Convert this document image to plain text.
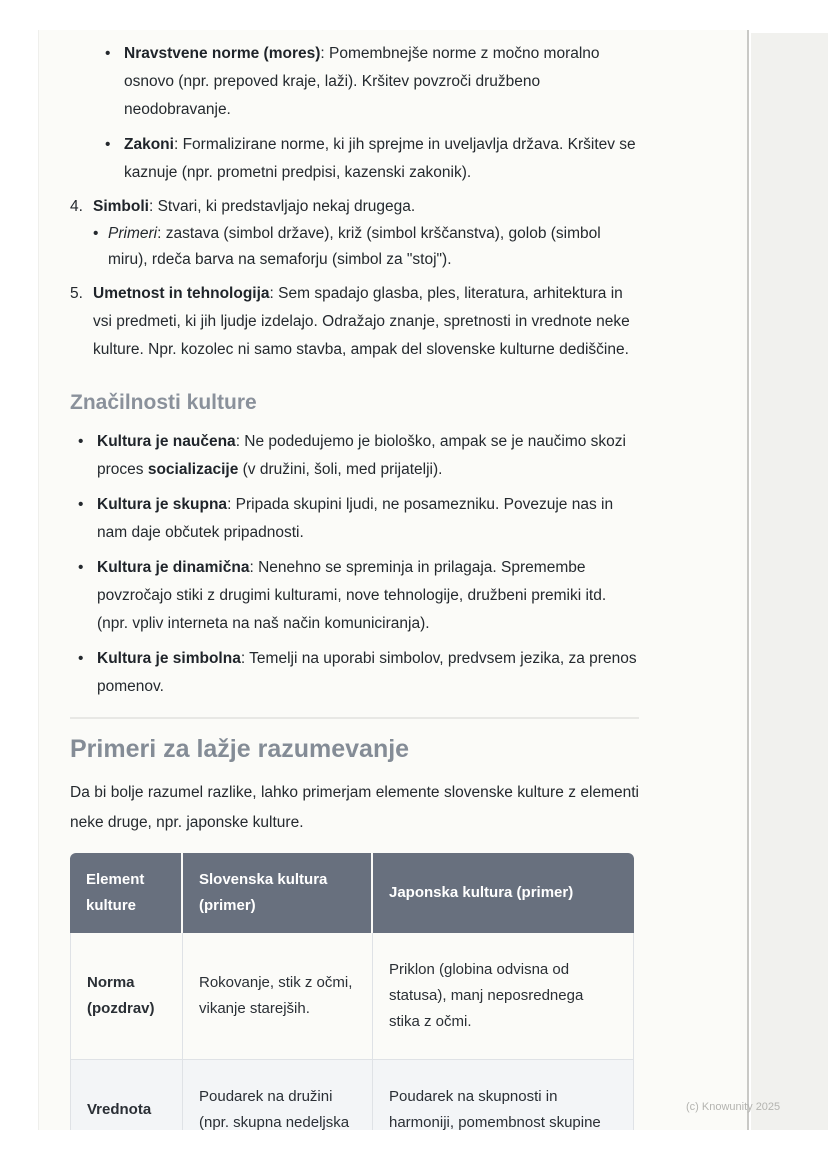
• Nravstvene norme (mores): Pomembnejše norme z močno moralno osnovo (npr. prepoved kraje, laži). Kršitev povzroči družbeno neodobravanje.
• Zakoni: Formalizirane norme, ki jih sprejme in uveljavlja država. Kršitev se kaznuje (npr. prometni predpisi, kazenski zakonik).
4. Simboli: Stvari, ki predstavljajo nekaj drugega.
• Primeri: zastava (simbol države), križ (simbol krščanstva), golob (simbol miru), rdeča barva na semaforju (simbol za "stoj").
5. Umetnost in tehnologija: Sem spadajo glasba, ples, literatura, arhitektura in vsi predmeti, ki jih ljudje izdelajo. Odražajo znanje, spretnosti in vrednote neke kulture. Npr. kozolec ni samo stavba, ampak del slovenske kulturne dediščine.
Značilnosti kulture
• Kultura je naučena: Ne podedujemo je biološko, ampak se je naučimo skozi proces socializacije (v družini, šoli, med prijatelji).
• Kultura je skupna: Pripada skupini ljudi, ne posamezniku. Povezuje nas in nam daje občutek pripadnosti.
• Kultura je dinamična: Nenehno se spreminja in prilagaja. Spremembe povzročajo stiki z drugimi kulturami, nove tehnologije, družbeni premiki itd. (npr. vpliv interneta na naš način komuniciranja).
• Kultura je simbolna: Temelji na uporabi simbolov, predvsem jezika, za prenos pomenov.
Primeri za lažje razumevanje

Da bi bolje razumel razlike, lahko primerjam elemente slovenske kulture z elementi neke druge, npr. japonske kulture.

Element kulture	Slovenska kultura (primer)	Japonska kultura (primer)
Norma (pozdrav)	Rokovanje, stik z očmi, vikanje starejših.	Priklon (globina odvisna od statusa), manj neposrednega stika z očmi.
Vrednota	Poudarek na družini (npr. skupna nedeljska	Poudarek na skupnosti in harmoniji, pomembnost skupine
(c) Knowunity 2025
